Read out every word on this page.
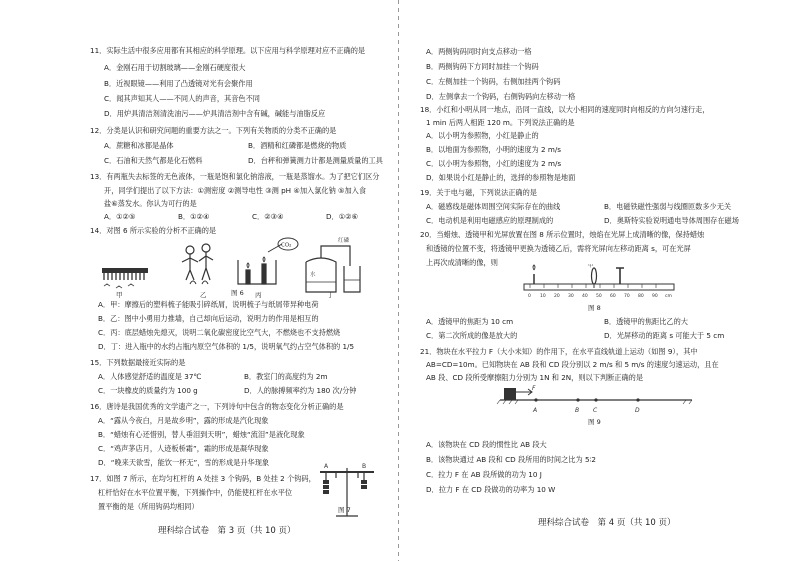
11．实际生活中很多应用都有其相应的科学原理。以下应用与科学原理对应不正确的是
A．金刚石用于切割玻璃——金刚石硬度很大
B．近视眼镜——利用了凸透镜对光有会聚作用
C．闻其声知其人——不同人的声音，其音色不同
D．用炉具清洁剂清洗油污——炉具清洁剂中含有碱，碱能与油脂反应
12．分类是认识和研究问题的重要方法之一。下列有关物质的分类不正确的是
A．蔗糖和冰都是晶体	B．酒精和红磷都是燃烧的物质
C．石油和天然气都是化石燃料	D．台秤和弹簧测力计都是测量质量的工具
13．有两瓶失去标签的无色液体，一瓶是饱和氯化钠溶液，一瓶是蒸馏水。为了把它们区分
开，同学们提出了以下方法：①测密度 ②测导电性 ③测 pH ④加入氯化钠 ⑤加入食
盐⑥蒸发水。你认为可行的是
A．①②⑤	B．①②④	C．②③④	D．①②⑥
14．对图 6 所示实验的分析不正确的是
CO₂
红磷
水
甲	乙	丙	丁
图 6
A．甲：摩擦后的塑料梳子能吸引碎纸屑，说明梳子与纸屑带异种电荷
B．乙：图中小勇用力推墙，自己却向后运动，说明力的作用是相互的
C．丙：底层蜡烛先熄灭，说明二氧化碳密度比空气大，不燃烧也不支持燃烧
D．丁：进入瓶中的水约占瓶内原空气体积的 1/5，说明氧气约占空气体积的 1/5
15．下列数据最接近实际的是
A．人体感觉舒适的温度是 37℃	B．教室门的高度约为 2m
C．一块橡皮的质量约为 100 g	D．人的脉搏频率约为 180 次/分钟
16．唐诗是我国优秀的文学遗产之一，下列诗句中包含的物态变化分析正确的是
A．“露从今夜白，月是故乡明”，露的形成是汽化现象
B．“蜡烛有心还惜别，替人垂泪到天明”，蜡烛“流泪”是液化现象
C．“鸡声茅店月，人迹板桥霜”，霜的形成是凝华现象
D．“晚来天欲雪，能饮一杯无”，雪的形成是升华现象
17．如图 7 所示，在均匀杠杆的 A 处挂 3 个钩码，B 处挂 2 个钩码，
杠杆恰好在水平位置平衡，下列操作中，仍能使杠杆在水平位
置平衡的是（所用钩码均相同）
A	B
图 7
理科综合试卷　第 3 页（共 10 页）
A．两侧钩码同时向支点移动一格
B．两侧钩码下方同时加挂一个钩码
C．左侧加挂一个钩码，右侧加挂两个钩码
D．左侧拿去一个钩码，右侧钩码向左移动一格
18．小红和小明从同一地点，沿同一直线，以大小相同的速度同时向相反的方向匀速行走，
1 min 后两人相距 120 m。下列说法正确的是
A．以小明为参照物，小红是静止的
B．以地面为参照物，小明的速度为 2 m/s
C．以小明为参照物，小红的速度为 2 m/s
D．如果说小红是静止的，选择的参照物是地面
19．关于电与磁，下列说法正确的是
A．磁感线是磁体周围空间实际存在的曲线	B．电磁铁磁性强弱与线圈匝数多少无关
C．电动机是利用电磁感应的原理制成的	D．奥斯特实验说明通电导体周围存在磁场
20．当蜡烛、透镜甲和光屏放置在图 8 所示位置时，烛焰在光屏上成清晰的像，保持蜡烛
和透镜的位置不变，将透镜甲更换为透镜乙后，需将光屏向左移动距离 s，可在光屏
上再次成清晰的像，则	甲
0 10 20 30 40 50 60 70 80 90 cm
图 8
A．透镜甲的焦距为 10 cm	B．透镜甲的焦距比乙的大
C．第二次所成的像是放大的	D．光屏移动的距离 s 可能大于 5 cm
21．物块在水平拉力 F（大小未知）的作用下，在水平直线轨道上运动（如图 9），其中
AB=CD=10m。已知物块在 AB 段和 CD 段分别以 2 m/s 和 5 m/s 的速度匀速运动，且在
AB 段、CD 段所受摩擦阻力分别为 1N 和 2N，则以下判断正确的是
F
A	B C	D
图 9
A．该物块在 CD 段的惯性比 AB 段大
B．该物块通过 AB 段和 CD 段所用的时间之比为 5∶2
C．拉力 F 在 AB 段所做的功为 10 J
D．拉力 F 在 CD 段做功的功率为 10 W
理科综合试卷　第 4 页（共 10 页）
